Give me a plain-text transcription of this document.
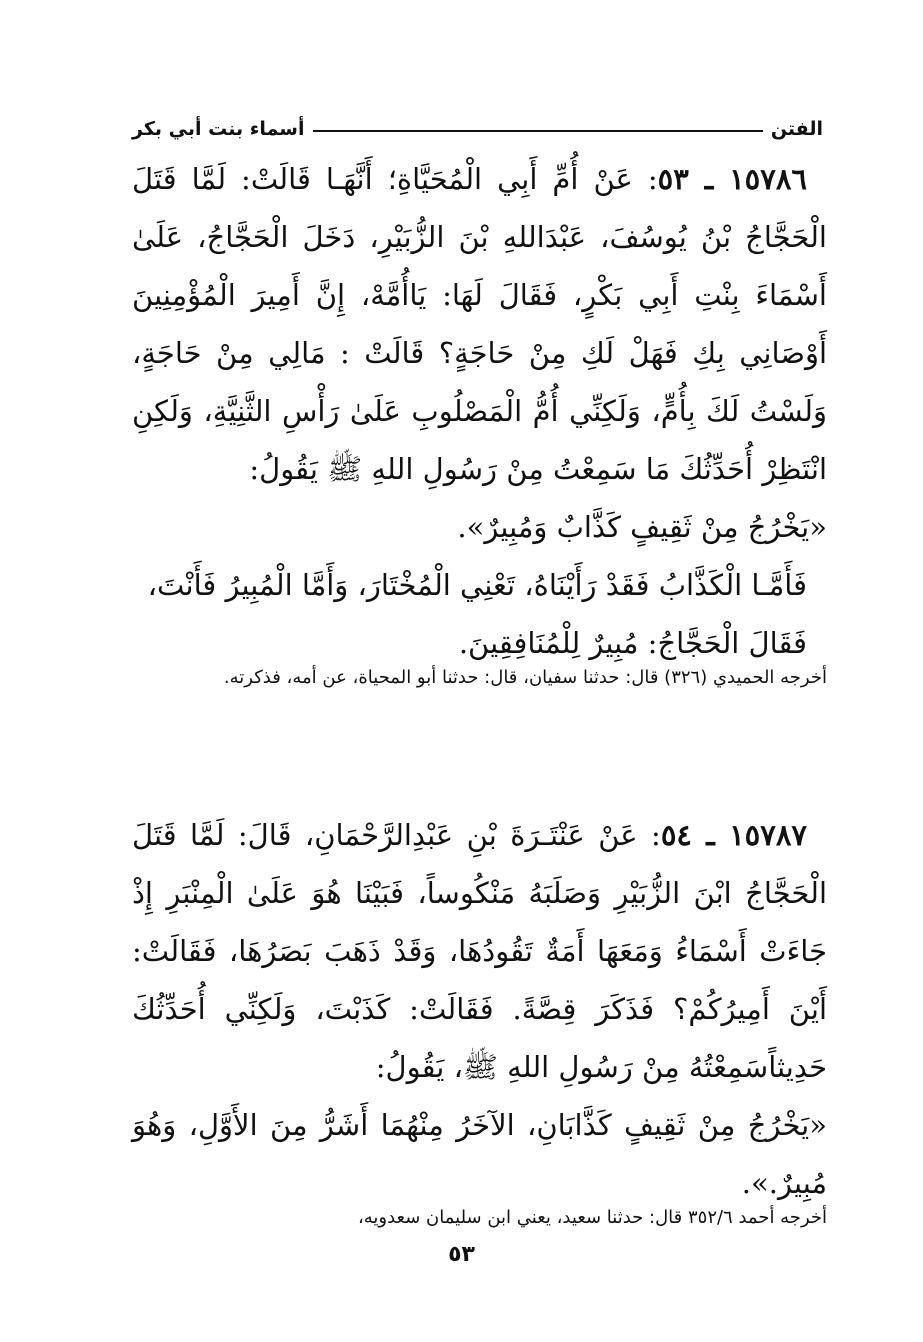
الفتن
أسماء بنت أبي بكر

١٥٧٨٦ ـ ٥٣: عَنْ أُمِّ أَبِي الْمُحَيَّاةِ؛ أَنَّهَـا قَالَتْ: لَمَّا قَتَلَ الْحَجَّاجُ بْنُ يُوسُفَ، عَبْدَاللهِ بْنَ الزُّبَيْرِ، دَخَلَ الْحَجَّاجُ، عَلَىٰ أَسْمَاءَ بِنْتِ أَبِي بَكْرٍ، فَقَالَ لَهَا: يَاأُمَّهْ، إِنَّ أَمِيرَ الْمُؤْمِنِينَ أَوْصَانِي بِكِ فَهَلْ لَكِ مِنْ حَاجَةٍ؟ قَالَتْ : مَالِي مِنْ حَاجَةٍ، وَلَسْتُ لَكَ بِأُمٍّ، وَلَكِنِّي أُمُّ الْمَصْلُوبِ عَلَىٰ رَأْسِ الثَّنِيَّةِ، وَلَكِنِ انْتَظِرْ أُحَدِّثُكَ مَا سَمِعْتُ مِنْ رَسُولِ اللهِ ﷺ يَقُولُ:

«يَخْرُجُ مِنْ ثَقِيفٍ كَذَّابٌ وَمُبِيرٌ».

فَأَمَّـا الْكَذَّابُ فَقَدْ رَأَيْنَاهُ، تَعْنِي الْمُخْتَارَ، وَأَمَّا الْمُبِيرُ فَأَنْتَ،

فَقَالَ الْحَجَّاجُ: مُبِيرٌ لِلْمُنَافِقِينَ.

أخرجه الحميدي (٣٢٦) قال: حدثنا سفيان، قال: حدثنا أبو المحياة، عن أمه، فذكرته.

١٥٧٨٧ ـ ٥٤: عَنْ عَنْتَـرَةَ بْنِ عَبْدِالرَّحْمَانِ، قَالَ: لَمَّا قَتَلَ الْحَجَّاجُ ابْنَ الزُّبَيْرِ وَصَلَبَهُ مَنْكُوساً، فَبَيْنَا هُوَ عَلَىٰ الْمِنْبَرِ إِذْ جَاءَتْ أَسْمَاءُ وَمَعَهَا أَمَةٌ تَقُودُهَا، وَقَدْ ذَهَبَ بَصَرُهَا، فَقَالَتْ: أَيْنَ أَمِيرُكُمْ؟ فَذَكَرَ قِصَّةً. فَقَالَتْ: كَذَبْتَ، وَلَكِنِّي أُحَدِّثُكَ حَدِيثاًسَمِعْتُهُ مِنْ رَسُولِ اللهِ ﷺ، يَقُولُ:

«يَخْرُجُ مِنْ ثَقِيفٍ كَذَّابَانِ، الآخَرُ مِنْهُمَا أَشَرُّ مِنَ الأَوَّلِ، وَهُوَ مُبِيرٌ.».

أخرجه أحمد ٣٥٢/٦ قال: حدثنا سعيد، يعني ابن سليمان سعدويه،

٥٣
